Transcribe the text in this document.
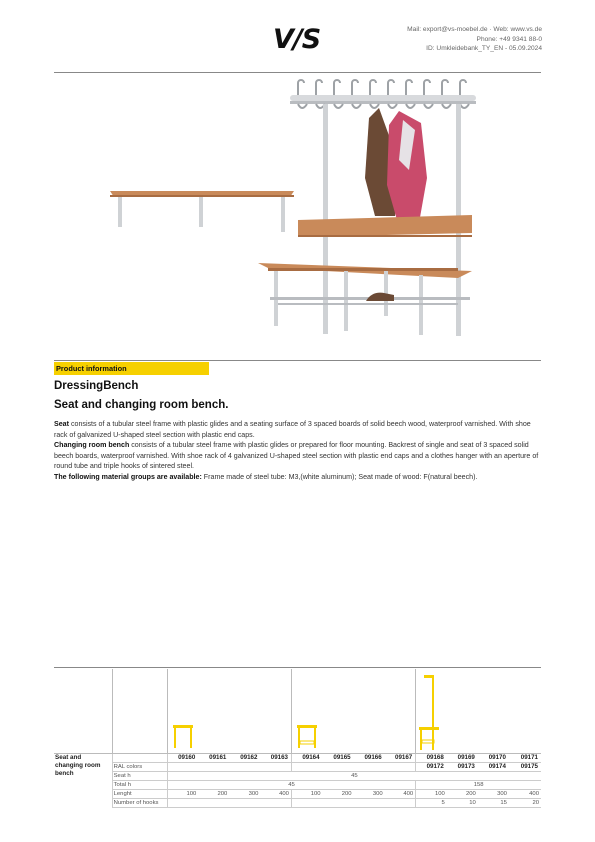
V/S	Mail: export@vs-moebel.de · Web: www.vs.de
Phone: +49 9341 88-0
ID: Umkleidebank_TY_EN - 05.09.2024
Product information
DressingBench
Seat and changing room bench.
Seat consists of a tubular steel frame with plastic glides and a seating surface of 3 spaced boards of solid beech wood, waterproof varnished. With shoe rack of galvanized U-shaped steel section with plastic end caps.
Changing room bench consists of a tubular steel frame with plastic glides or prepared for floor mounting. Backrest of single and seat of 3 spaced solid beech boards, waterproof varnished. With shoe rack of 4 galvanized U-shaped steel section with plastic end caps and a clothes hanger with an aperture of round tube and triple hooks of sintered steel.
The following material groups are available: Frame made of steel tube: M3,(white aluminum); Seat made of wood: F(natural beech).
Seat and changing room bench		09160	09161	09162	09163	09164	09165	09166	09167	09168	09169	09170	09171
	RAL colors									09172	09173	09174	09175
	Seat h	45											
	Total h	45								158			
	Lenght	100	200	300	400	100	200	300	400	100	200	300	400
	Number of hooks									5	10	15	20
